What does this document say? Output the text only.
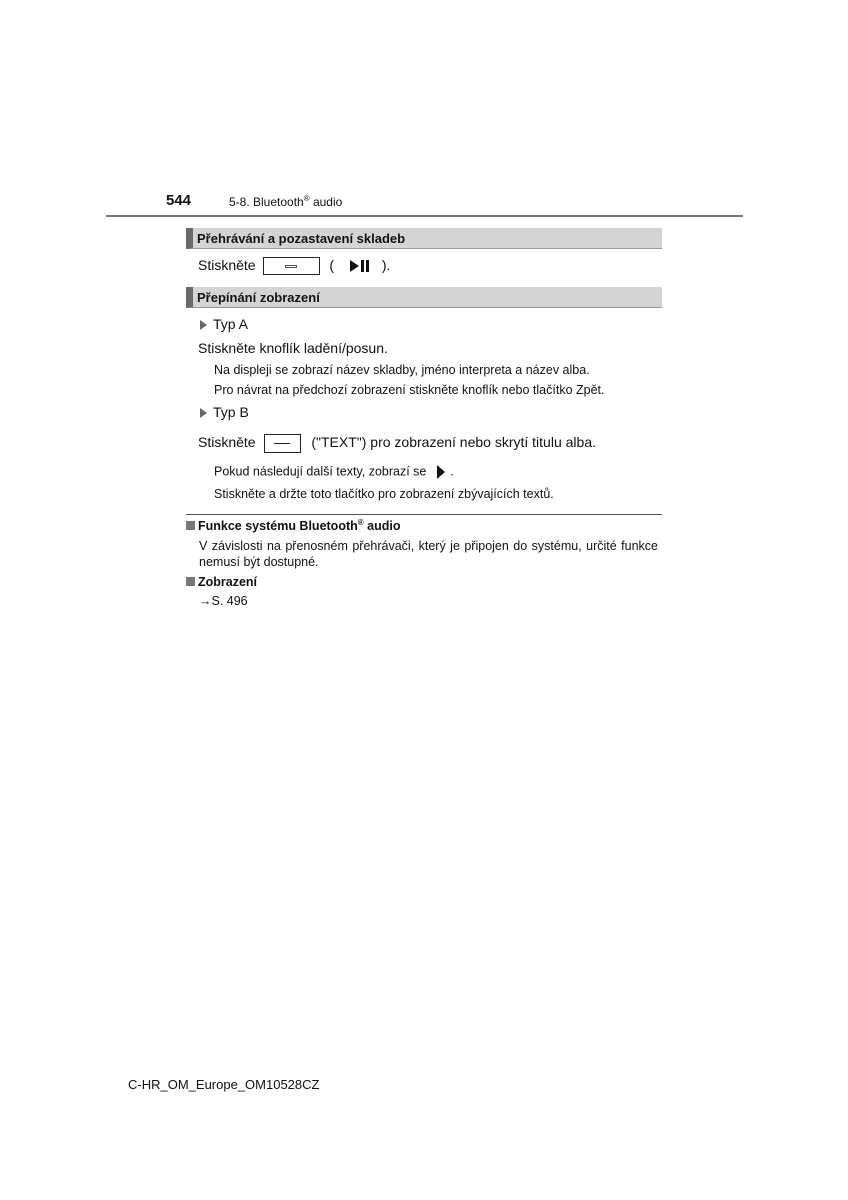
544	5-8. Bluetooth® audio
Přehrávání a pozastavení skladeb
Stiskněte	(	).
Přepínání zobrazení
Typ A
Stiskněte knoflík ladění/posun.
Na displeji se zobrazí název skladby, jméno interpreta a název alba.
Pro návrat na předchozí zobrazení stiskněte knoflík nebo tlačítko Zpět.
Typ B
Stiskněte	("TEXT") pro zobrazení nebo skrytí titulu alba.
Pokud následují další texty, zobrazí se .
Stiskněte a držte toto tlačítko pro zobrazení zbývajících textů.
Funkce systému Bluetooth® audio
V závislosti na přenosném přehrávači, který je připojen do systému, určité funkce nemusí být dostupné.
Zobrazení
→S. 496
C-HR_OM_Europe_OM10528CZ
